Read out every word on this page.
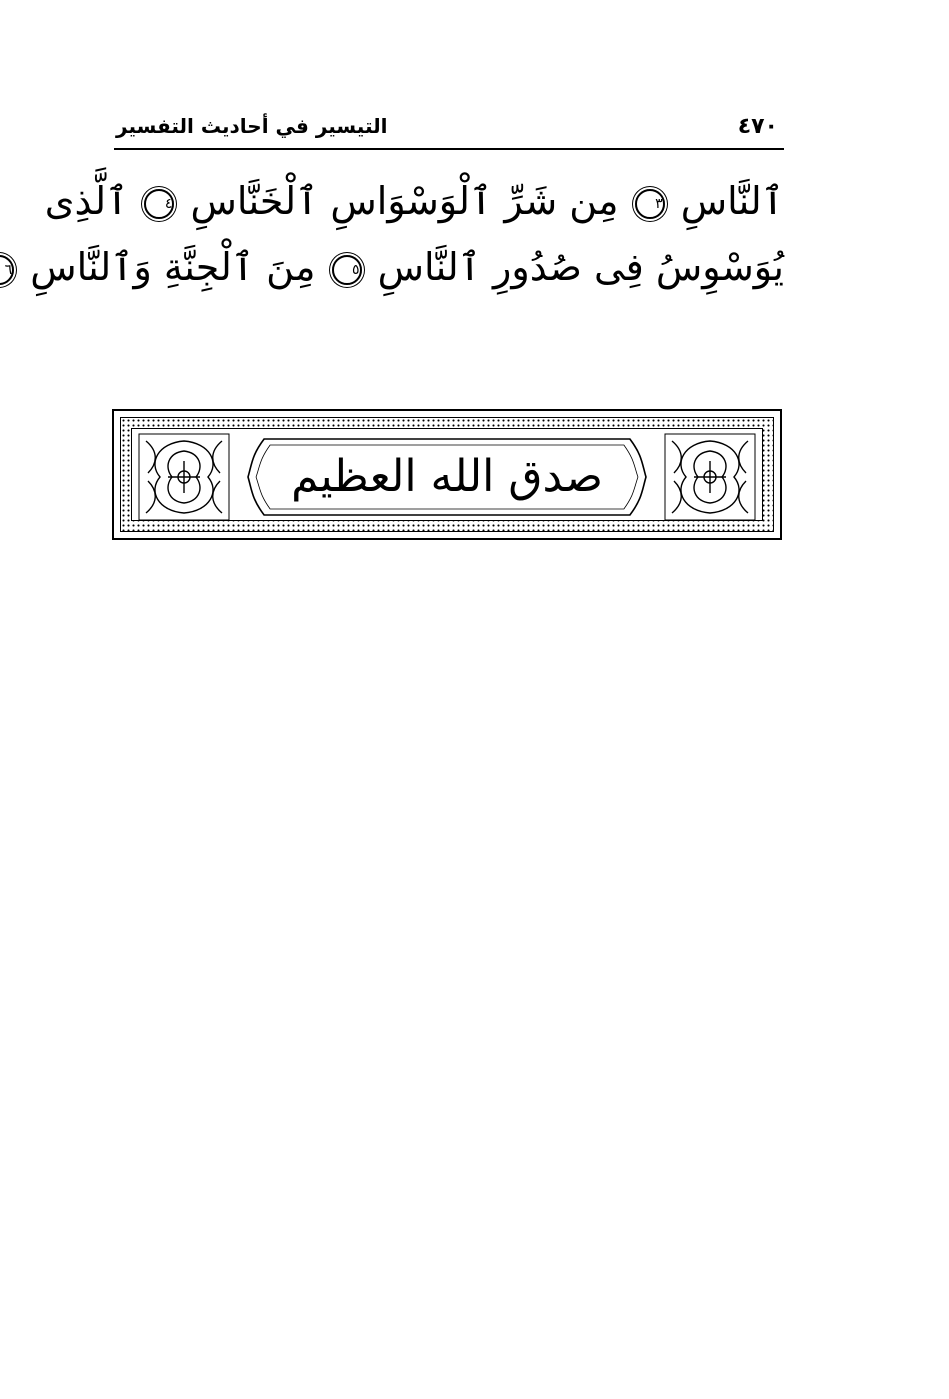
٤٧٠
التيسير في أحاديث التفسير
ٱلنَّاسِ ٣ مِن شَرِّ ٱلْوَسْوَاسِ ٱلْخَنَّاسِ ٤ ٱلَّذِى
يُوَسْوِسُ فِى صُدُورِ ٱلنَّاسِ ٥ مِنَ ٱلْجِنَّةِ وَٱلنَّاسِ ٦
صدق الله العظيم
